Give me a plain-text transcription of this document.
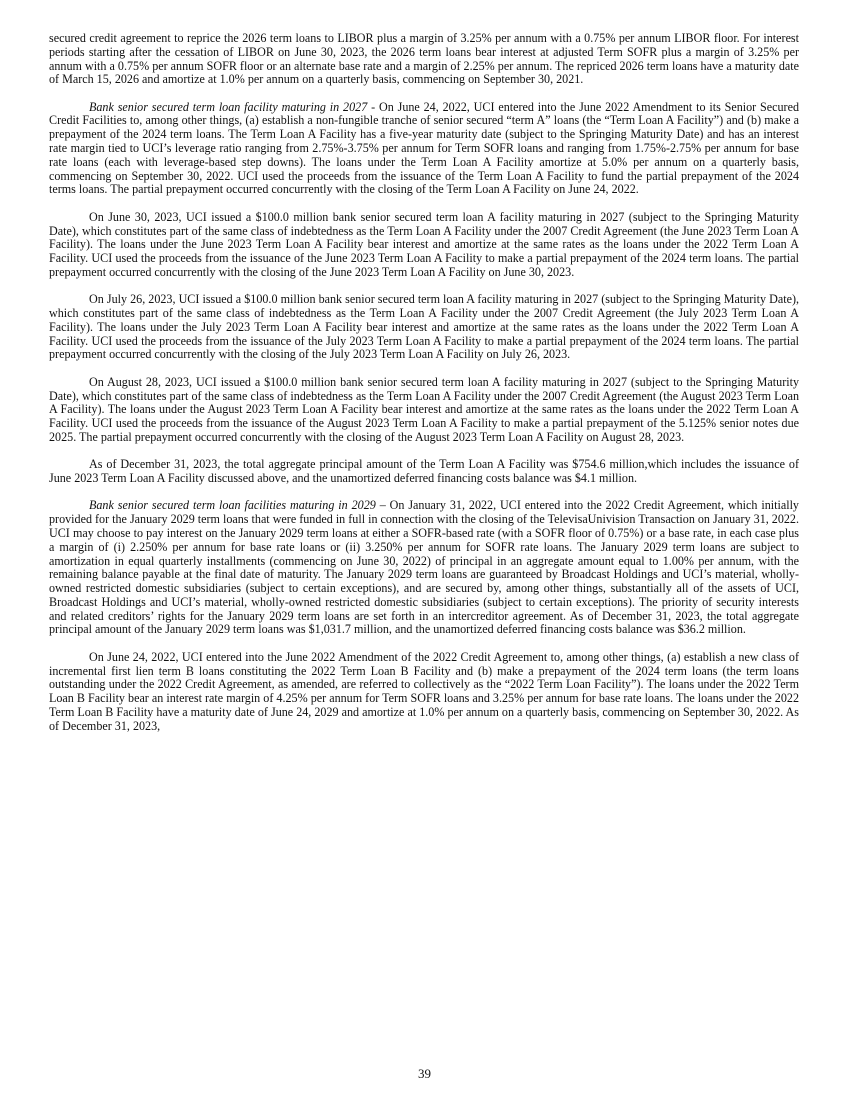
secured credit agreement to reprice the 2026 term loans to LIBOR plus a margin of 3.25% per annum with a 0.75% per annum LIBOR floor. For interest periods starting after the cessation of LIBOR on June 30, 2023, the 2026 term loans bear interest at adjusted Term SOFR plus a margin of 3.25% per annum with a 0.75% per annum SOFR floor or an alternate base rate and a margin of 2.25% per annum. The repriced 2026 term loans have a maturity date of March 15, 2026 and amortize at 1.0% per annum on a quarterly basis, commencing on September 30, 2021.

Bank senior secured term loan facility maturing in 2027 - On June 24, 2022, UCI entered into the June 2022 Amendment to its Senior Secured Credit Facilities to, among other things, (a) establish a non-fungible tranche of senior secured “term A” loans (the “Term Loan A Facility”) and (b) make a prepayment of the 2024 term loans. The Term Loan A Facility has a five-year maturity date (subject to the Springing Maturity Date) and has an interest rate margin tied to UCI’s leverage ratio ranging from 2.75%-3.75% per annum for Term SOFR loans and ranging from 1.75%-2.75% per annum for base rate loans (each with leverage-based step downs). The loans under the Term Loan A Facility amortize at 5.0% per annum on a quarterly basis, commencing on September 30, 2022. UCI used the proceeds from the issuance of the Term Loan A Facility to fund the partial prepayment of the 2024 terms loans. The partial prepayment occurred concurrently with the closing of the Term Loan A Facility on June 24, 2022.

On June 30, 2023, UCI issued a $100.0 million bank senior secured term loan A facility maturing in 2027 (subject to the Springing Maturity Date), which constitutes part of the same class of indebtedness as the Term Loan A Facility under the 2007 Credit Agreement (the June 2023 Term Loan A Facility). The loans under the June 2023 Term Loan A Facility bear interest and amortize at the same rates as the loans under the 2022 Term Loan A Facility. UCI used the proceeds from the issuance of the June 2023 Term Loan A Facility to make a partial prepayment of the 2024 term loans. The partial prepayment occurred concurrently with the closing of the June 2023 Term Loan A Facility on June 30, 2023.

On July 26, 2023, UCI issued a $100.0 million bank senior secured term loan A facility maturing in 2027 (subject to the Springing Maturity Date), which constitutes part of the same class of indebtedness as the Term Loan A Facility under the 2007 Credit Agreement (the July 2023 Term Loan A Facility). The loans under the July 2023 Term Loan A Facility bear interest and amortize at the same rates as the loans under the 2022 Term Loan A Facility. UCI used the proceeds from the issuance of the July 2023 Term Loan A Facility to make a partial prepayment of the 2024 term loans. The partial prepayment occurred concurrently with the closing of the July 2023 Term Loan A Facility on July 26, 2023.

On August 28, 2023, UCI issued a $100.0 million bank senior secured term loan A facility maturing in 2027 (subject to the Springing Maturity Date), which constitutes part of the same class of indebtedness as the Term Loan A Facility under the 2007 Credit Agreement (the August 2023 Term Loan A Facility). The loans under the August 2023 Term Loan A Facility bear interest and amortize at the same rates as the loans under the 2022 Term Loan A Facility. UCI used the proceeds from the issuance of the August 2023 Term Loan A Facility to make a partial prepayment of the 5.125% senior notes due 2025. The partial prepayment occurred concurrently with the closing of the August 2023 Term Loan A Facility on August 28, 2023.

As of December 31, 2023, the total aggregate principal amount of the Term Loan A Facility was $754.6 million,which includes the issuance of June 2023 Term Loan A Facility discussed above, and the unamortized deferred financing costs balance was $4.1 million.

Bank senior secured term loan facilities maturing in 2029 – On January 31, 2022, UCI entered into the 2022 Credit Agreement, which initially provided for the January 2029 term loans that were funded in full in connection with the closing of the TelevisaUnivision Transaction on January 31, 2022. UCI may choose to pay interest on the January 2029 term loans at either a SOFR-based rate (with a SOFR floor of 0.75%) or a base rate, in each case plus a margin of (i) 2.250% per annum for base rate loans or (ii) 3.250% per annum for SOFR rate loans. The January 2029 term loans are subject to amortization in equal quarterly installments (commencing on June 30, 2022) of principal in an aggregate amount equal to 1.00% per annum, with the remaining balance payable at the final date of maturity. The January 2029 term loans are guaranteed by Broadcast Holdings and UCI’s material, wholly-owned restricted domestic subsidiaries (subject to certain exceptions), and are secured by, among other things, substantially all of the assets of UCI, Broadcast Holdings and UCI’s material, wholly-owned restricted domestic subsidiaries (subject to certain exceptions). The priority of security interests and related creditors’ rights for the January 2029 term loans are set forth in an intercreditor agreement. As of December 31, 2023, the total aggregate principal amount of the January 2029 term loans was $1,031.7 million, and the unamortized deferred financing costs balance was $36.2 million.

On June 24, 2022, UCI entered into the June 2022 Amendment of the 2022 Credit Agreement to, among other things, (a) establish a new class of incremental first lien term B loans constituting the 2022 Term Loan B Facility and (b) make a prepayment of the 2024 term loans (the term loans outstanding under the 2022 Credit Agreement, as amended, are referred to collectively as the “2022 Term Loan Facility”). The loans under the 2022 Term Loan B Facility bear an interest rate margin of 4.25% per annum for Term SOFR loans and 3.25% per annum for base rate loans. The loans under the 2022 Term Loan B Facility have a maturity date of June 24, 2029 and amortize at 1.0% per annum on a quarterly basis, commencing on September 30, 2022. As of December 31, 2023,

39
